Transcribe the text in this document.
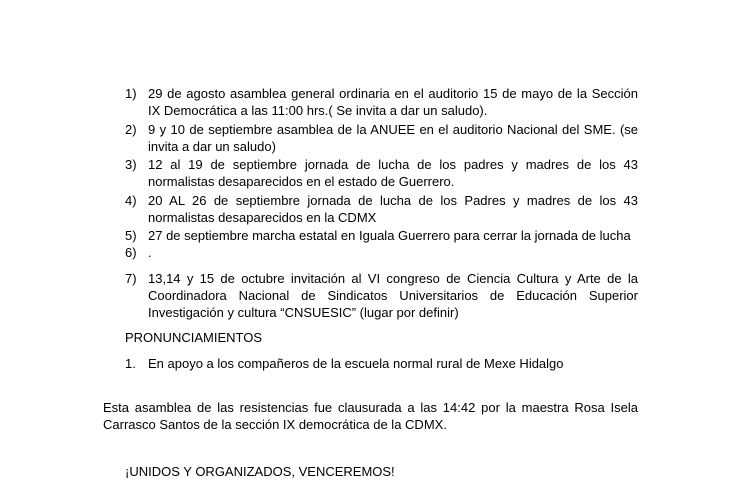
1) 29 de agosto asamblea general ordinaria en el auditorio 15 de mayo de la Sección
IX Democrática a las 11:00 hrs.( Se invita a dar un saludo).
2) 9 y 10 de septiembre asamblea de la ANUEE en el auditorio Nacional del SME. (se
invita a dar un saludo)
3) 12 al 19 de septiembre jornada de lucha de los padres y madres de los 43
normalistas desaparecidos en el estado de Guerrero.
4) 20 AL 26 de septiembre jornada de lucha de los Padres y madres de los 43
normalistas desaparecidos en la CDMX
5) 27 de septiembre marcha estatal en Iguala Guerrero para cerrar la jornada de lucha
6) .
7) 13,14 y 15 de octubre invitación al VI congreso de Ciencia Cultura y Arte de la
Coordinadora Nacional de Sindicatos Universitarios de Educación Superior
Investigación y cultura “CNSUESIC” (lugar por definir)
PRONUNCIAMIENTOS
1. En apoyo a los compañeros de la escuela normal rural de Mexe Hidalgo
Esta asamblea de las resistencias fue clausurada a las 14:42 por la maestra Rosa Isela
Carrasco Santos de la sección IX democrática de la CDMX.
¡UNIDOS Y ORGANIZADOS, VENCEREMOS!
